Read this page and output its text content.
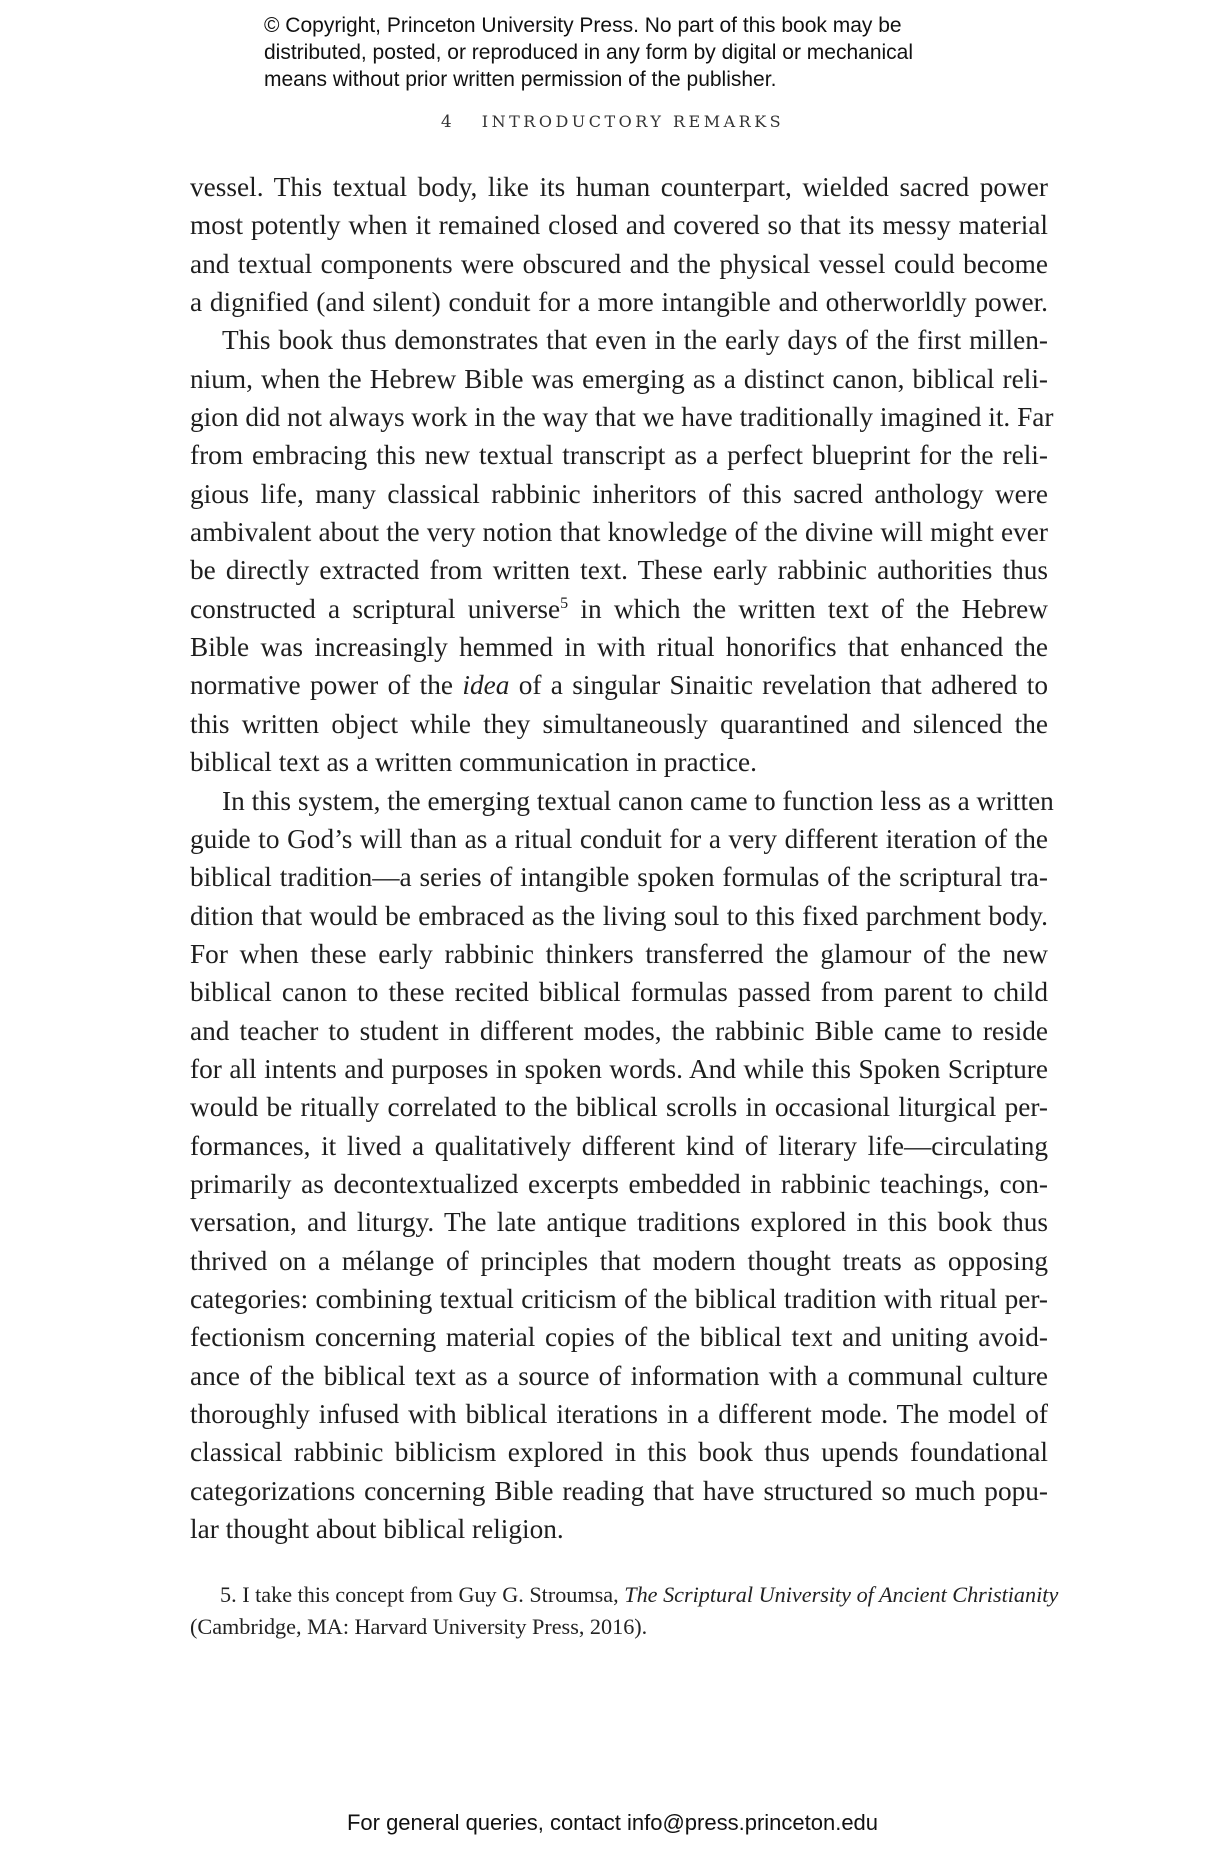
© Copyright, Princeton University Press. No part of this book may be

distributed, posted, or reproduced in any form by digital or mechanical

means without prior written permission of the publisher.

4 INTRODUCTORY REMARKS

vessel. This textual body, like its human counterpart, wielded sacred power
most potently when it remained closed and covered so that its messy material
and textual components were obscured and the physical vessel could become
a dignified (and silent) conduit for a more intangible and otherworldly power.

This book thus demonstrates that even in the early days of the first millen-
nium, when the Hebrew Bible was emerging as a distinct canon, biblical reli-
gion did not always work in the way that we have traditionally imagined it. Far
from embracing this new textual transcript as a perfect blueprint for the reli-
gious life, many classical rabbinic inheritors of this sacred anthology were
ambivalent about the very notion that knowledge of the divine will might ever
be directly extracted from written text. These early rabbinic authorities thus
constructed a scriptural universe$^5$ in which the written text of the Hebrew
Bible was increasingly hemmed in with ritual honorifics that enhanced the
normative power of the idea of a singular Sinaitic revelation that adhered to
this written object while they simultaneously quarantined and silenced the
biblical text as a written communication in practice.

In this system, the emerging textual canon came to function less as a written
guide to God’s will than as a ritual conduit for a very different iteration of the
biblical tradition—a series of intangible spoken formulas of the scriptural tra-
dition that would be embraced as the living soul to this fixed parchment body.
For when these early rabbinic thinkers transferred the glamour of the new
biblical canon to these recited biblical formulas passed from parent to child
and teacher to student in different modes, the rabbinic Bible came to reside
for all intents and purposes in spoken words. And while this Spoken Scripture
would be ritually correlated to the biblical scrolls in occasional liturgical per-
formances, it lived a qualitatively different kind of literary life—circulating
primarily as decontextualized excerpts embedded in rabbinic teachings, con-
versation, and liturgy. The late antique traditions explored in this book thus
thrived on a mélange of principles that modern thought treats as opposing
categories: combining textual criticism of the biblical tradition with ritual per-
fectionism concerning material copies of the biblical text and uniting avoid-
ance of the biblical text as a source of information with a communal culture
thoroughly infused with biblical iterations in a different mode. The model of
classical rabbinic biblicism explored in this book thus upends foundational
categorizations concerning Bible reading that have structured so much popu-
lar thought about biblical religion.

5. I take this concept from Guy G. Stroumsa, The Scriptural University of Ancient Christianity
(Cambridge, MA: Harvard University Press, 2016).
For general queries, contact info@press.princeton.edu
